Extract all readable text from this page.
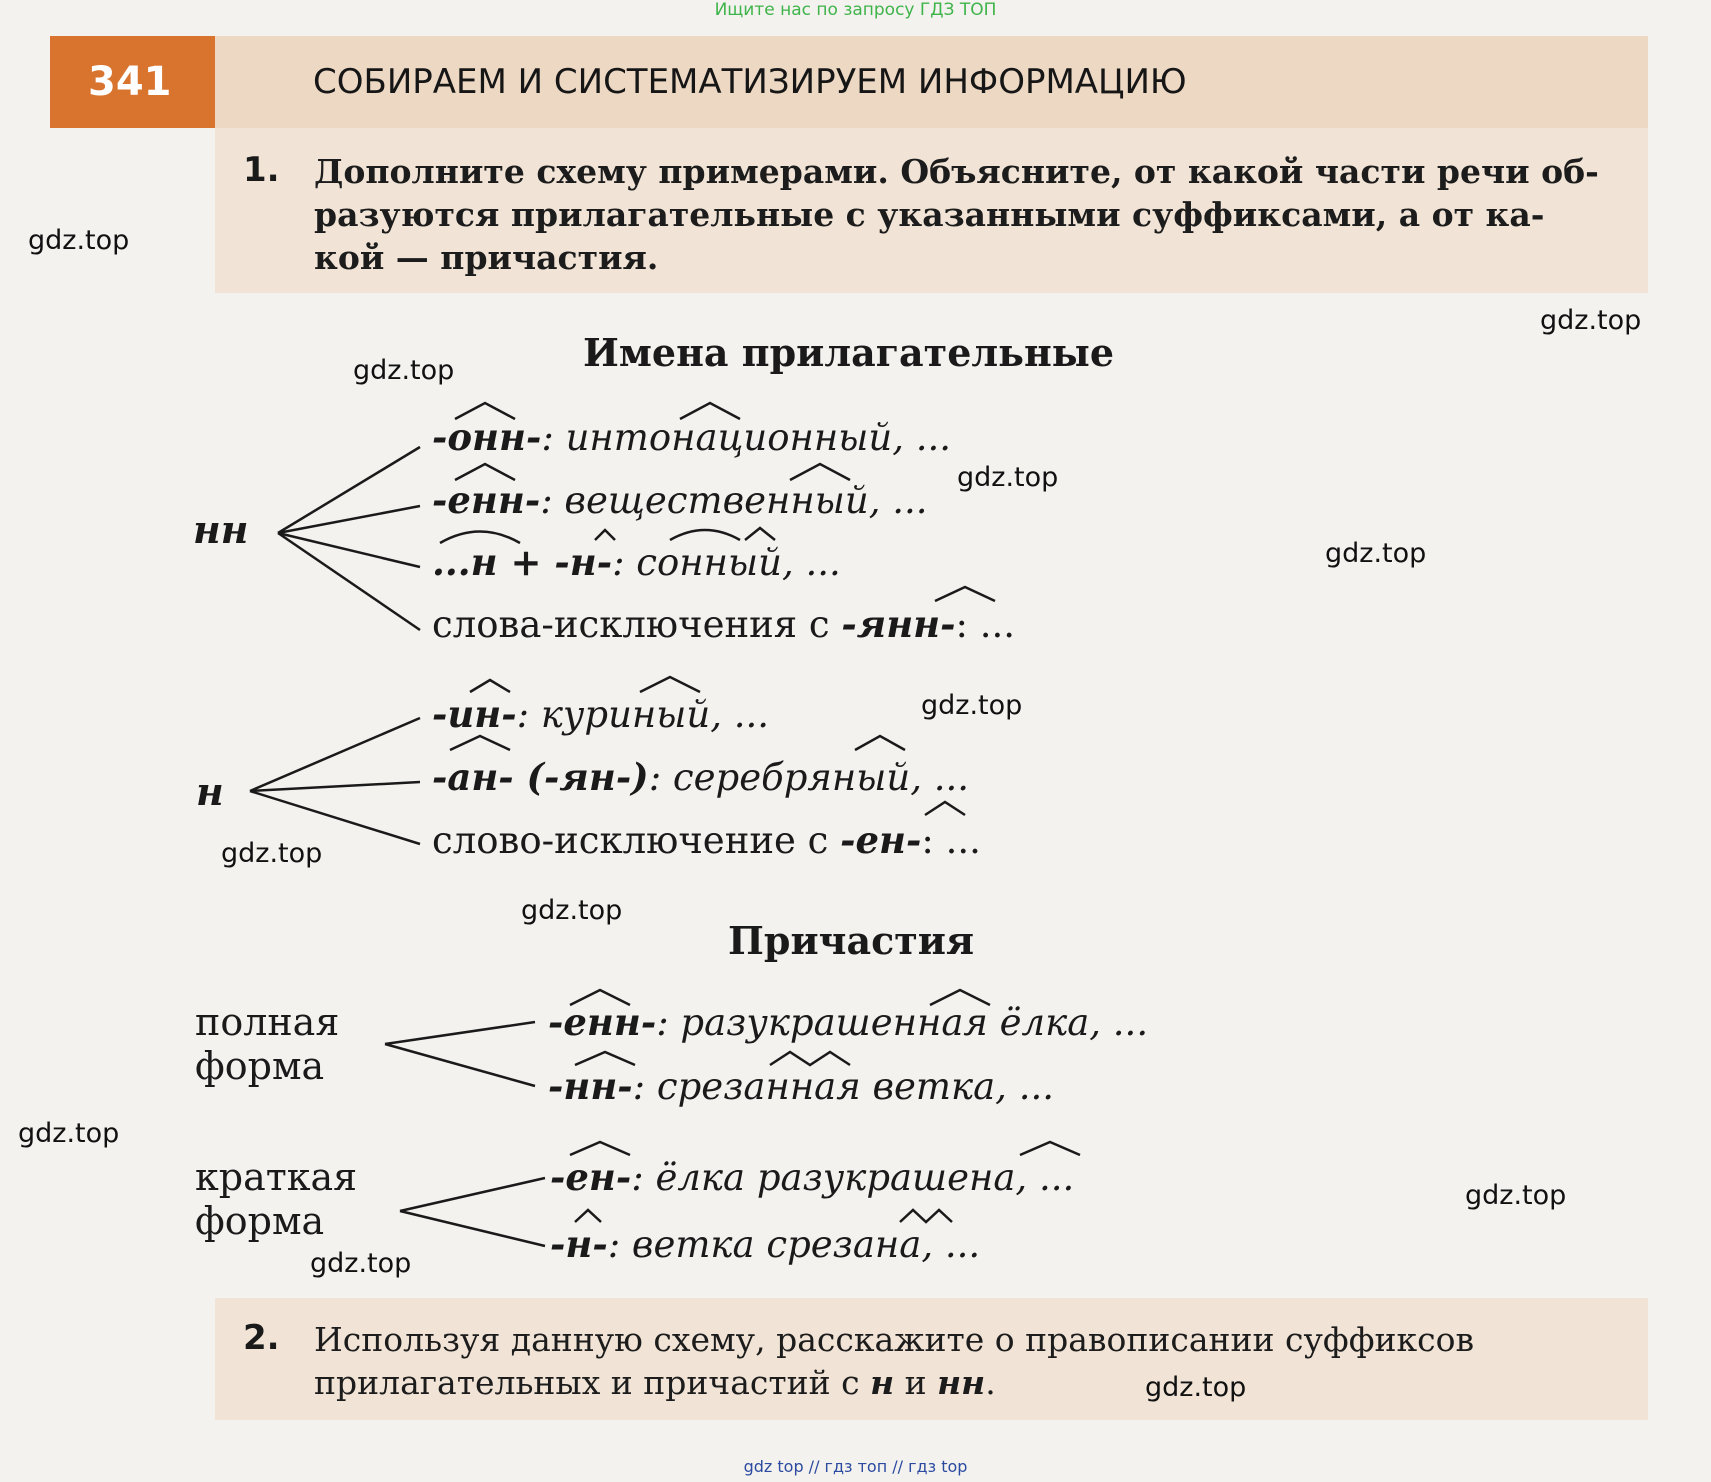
Ищите нас по запросу ГДЗ ТОП
341	СОБИРАЕМ И СИСТЕМАТИЗИРУЕМ ИНФОРМАЦИЮ
1. Дополните схему примерами. Объясните, от какой части речи об-
разуются прилагательные с указанными суффиксами, а от ка-
кой — причастия.
Имена прилагательные
нн
н
-онн-: интонационный, ...
-енн-: вещественный, ...
...н + -н-: сонный, ...
слова-исключения с -янн-: ...
-ин-: куриный, ...
-ан- (-ян-): серебряный, ...
слово-исключение с -ен-: ...
Причастия
полная
форма
краткая
форма
-енн-: разукрашенная ёлка, ...
-нн-: срезанная ветка, ...
-ен-: ёлка разукрашена, ...
-н-: ветка срезана, ...
2. Используя данную схему, расскажите о правописании суффиксов
прилагательных и причастий с н и нн.
gdz.top
gdz.top
gdz.top
gdz.top
gdz.top
gdz.top
gdz.top
gdz.top
gdz.top
gdz.top
gdz.top
gdz.top
gdz top // гдз топ // гдз top
